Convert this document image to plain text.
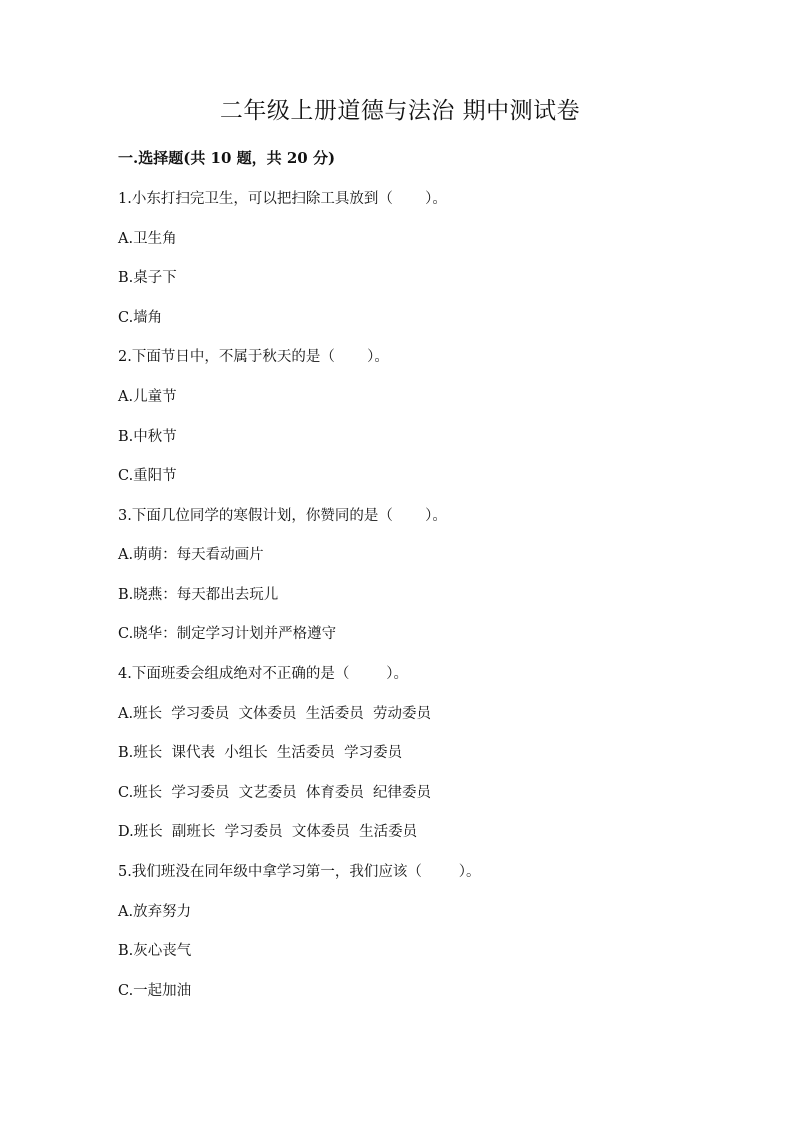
二年级上册道德与法治 期中测试卷
一.选择题(共 10 题，共 20 分)
1.小东打扫完卫生，可以把扫除工具放到（       ）。
A.卫生角
B.桌子下
C.墙角
2.下面节日中，不属于秋天的是（       ）。
A.儿童节
B.中秋节
C.重阳节
3.下面几位同学的寒假计划，你赞同的是（       ）。
A.萌萌：每天看动画片
B.晓燕：每天都出去玩儿
C.晓华：制定学习计划并严格遵守
4.下面班委会组成绝对不正确的是（        ）。
A.班长  学习委员  文体委员  生活委员  劳动委员
B.班长  课代表  小组长  生活委员  学习委员
C.班长  学习委员  文艺委员  体育委员  纪律委员
D.班长  副班长  学习委员  文体委员  生活委员
5.我们班没在同年级中拿学习第一，我们应该（        ）。
A.放弃努力
B.灰心丧气
C.一起加油
